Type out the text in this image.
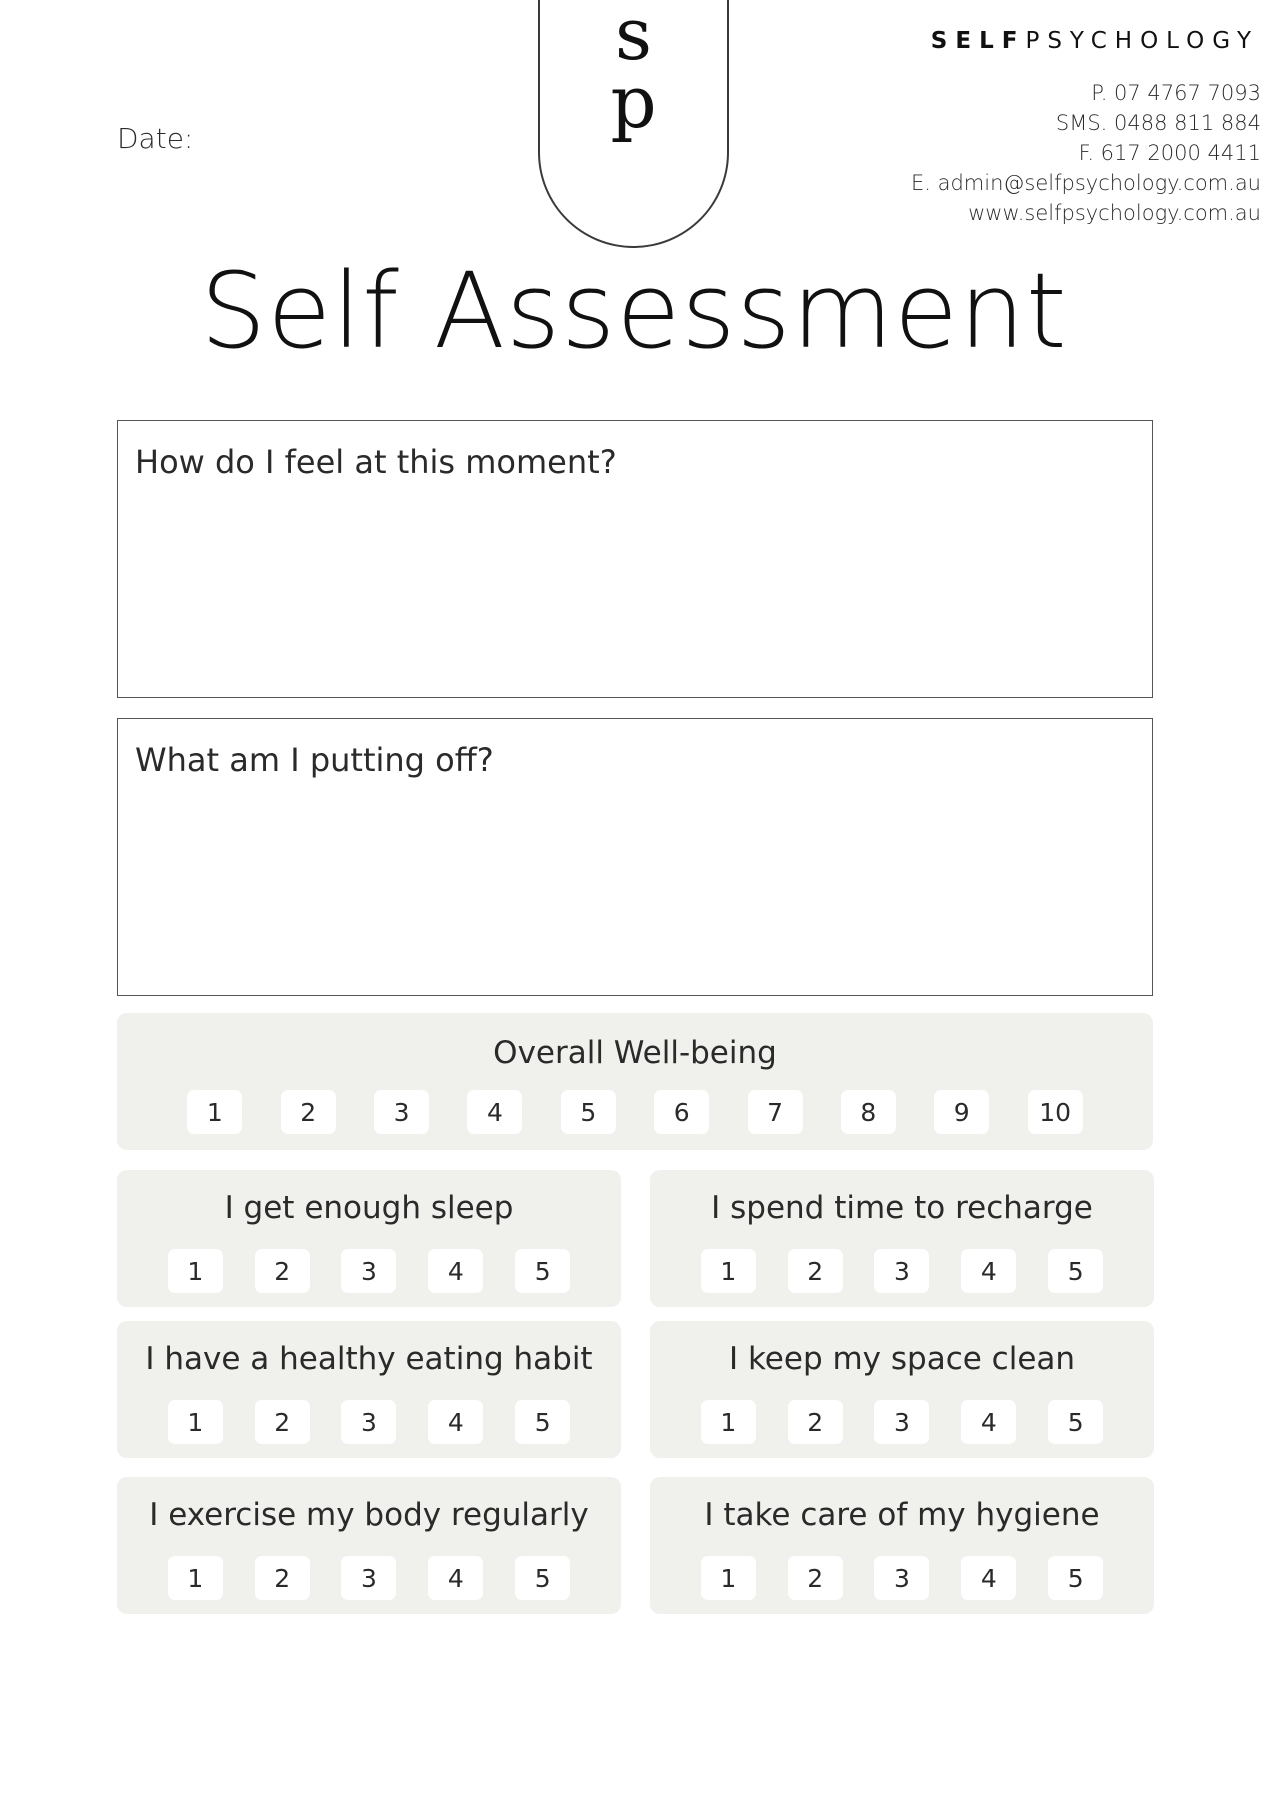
Date:
s
p
SELFPSYCHOLOGY
P. 07 4767 7093
SMS. 0488 811 884
F. 617 2000 4411
E. admin@selfpsychology.com.au
www.selfpsychology.com.au
Self Assessment
How do I feel at this moment?
What am I putting off?
Overall Well-being
1	2	3	4	5	6	7	8	9	10
I get enough sleep
1	2	3	4	5
I spend time to recharge
1	2	3	4	5
I have a healthy eating habit
1	2	3	4	5
I keep my space clean
1	2	3	4	5
I exercise my body regularly
1	2	3	4	5
I take care of my hygiene
1	2	3	4	5
